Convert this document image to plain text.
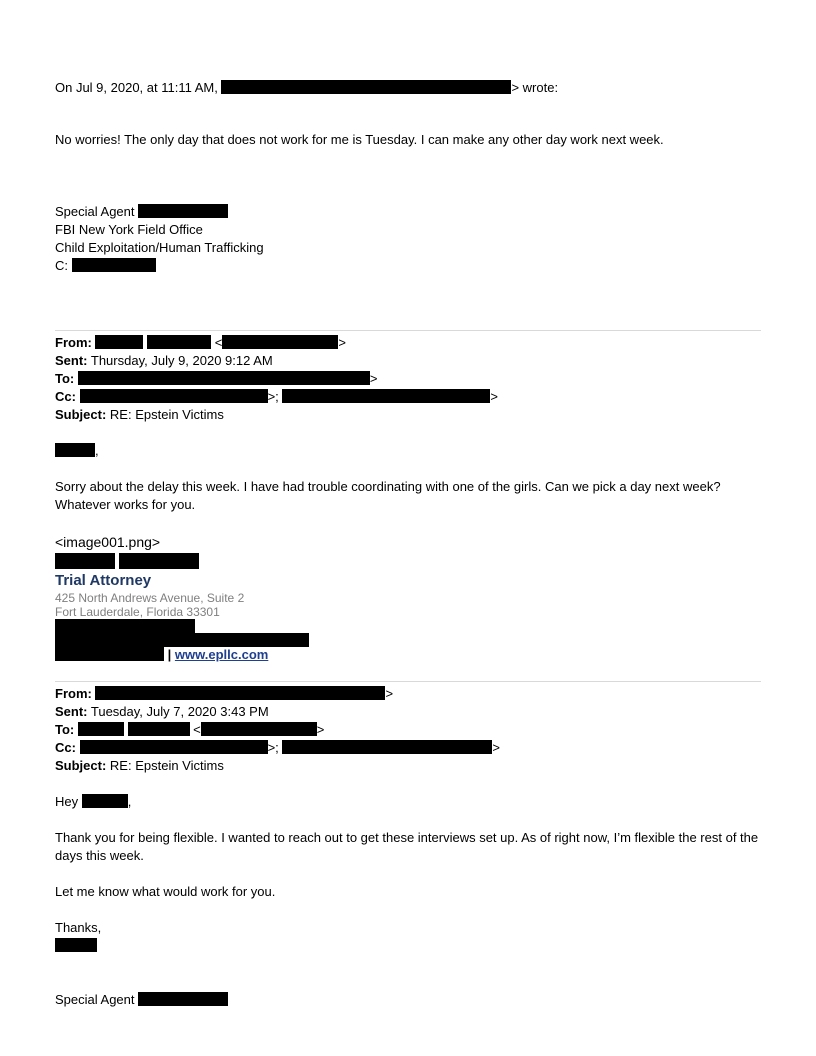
On Jul 9, 2020, at 11:11 AM,	> wrote:
No worries! The only day that does not work for me is Tuesday. I can make any other day work next week.
Special Agent
FBI New York Field Office
Child Exploitation/Human Trafficking
C:
From:	<	>
Sent: Thursday, July 9, 2020 9:12 AM
To:	>
Cc:	>;	>
Subject: RE: Epstein Victims
,
Sorry about the delay this week. I have had trouble coordinating with one of the girls. Can we pick a day next week? Whatever works for you.
<image001.png>

Trial Attorney
425 North Andrews Avenue, Suite 2
Fort Lauderdale, Florida 33301
| www.epllc.com
From:	>
Sent: Tuesday, July 7, 2020 3:43 PM
To:	<	>
Cc:	>;	>
Subject: RE: Epstein Victims
Hey	,
Thank you for being flexible. I wanted to reach out to get these interviews set up. As of right now, I’m flexible the rest of the days this week.
Let me know what would work for you.
Thanks,
Special Agent
